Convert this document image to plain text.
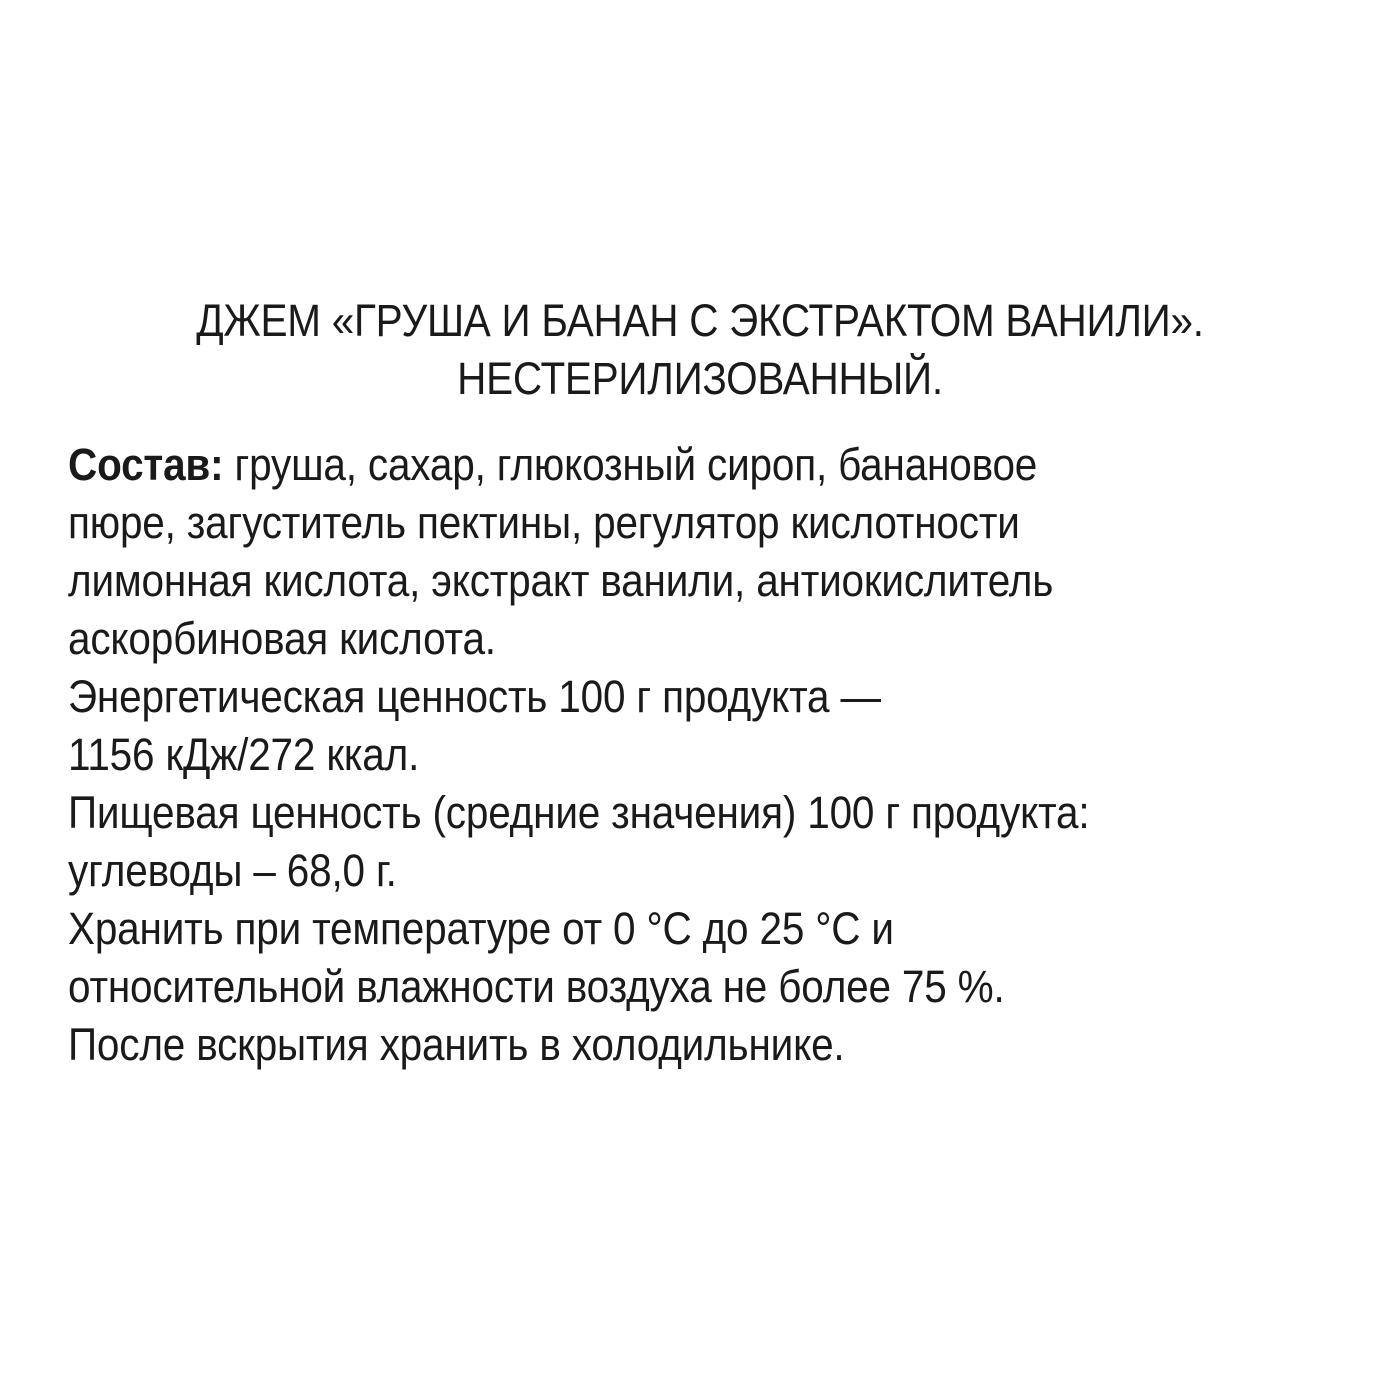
ДЖЕМ «ГРУША И БАНАН С ЭКСТРАКТОМ ВАНИЛИ».
НЕСТЕРИЛИЗОВАННЫЙ.
Состав: груша, сахар, глюкозный сироп, банановое
пюре, загуститель пектины, регулятор кислотности
лимонная кислота, экстракт ванили, антиокислитель
аскорбиновая кислота.
Энергетическая ценность 100 г продукта —
1156 кДж/272 ккал.
Пищевая ценность (средние значения) 100 г продукта:
углеводы – 68,0 г.
Хранить при температуре от 0 °С до 25 °С и
относительной влажности воздуха не более 75 %.
После вскрытия хранить в холодильнике.
